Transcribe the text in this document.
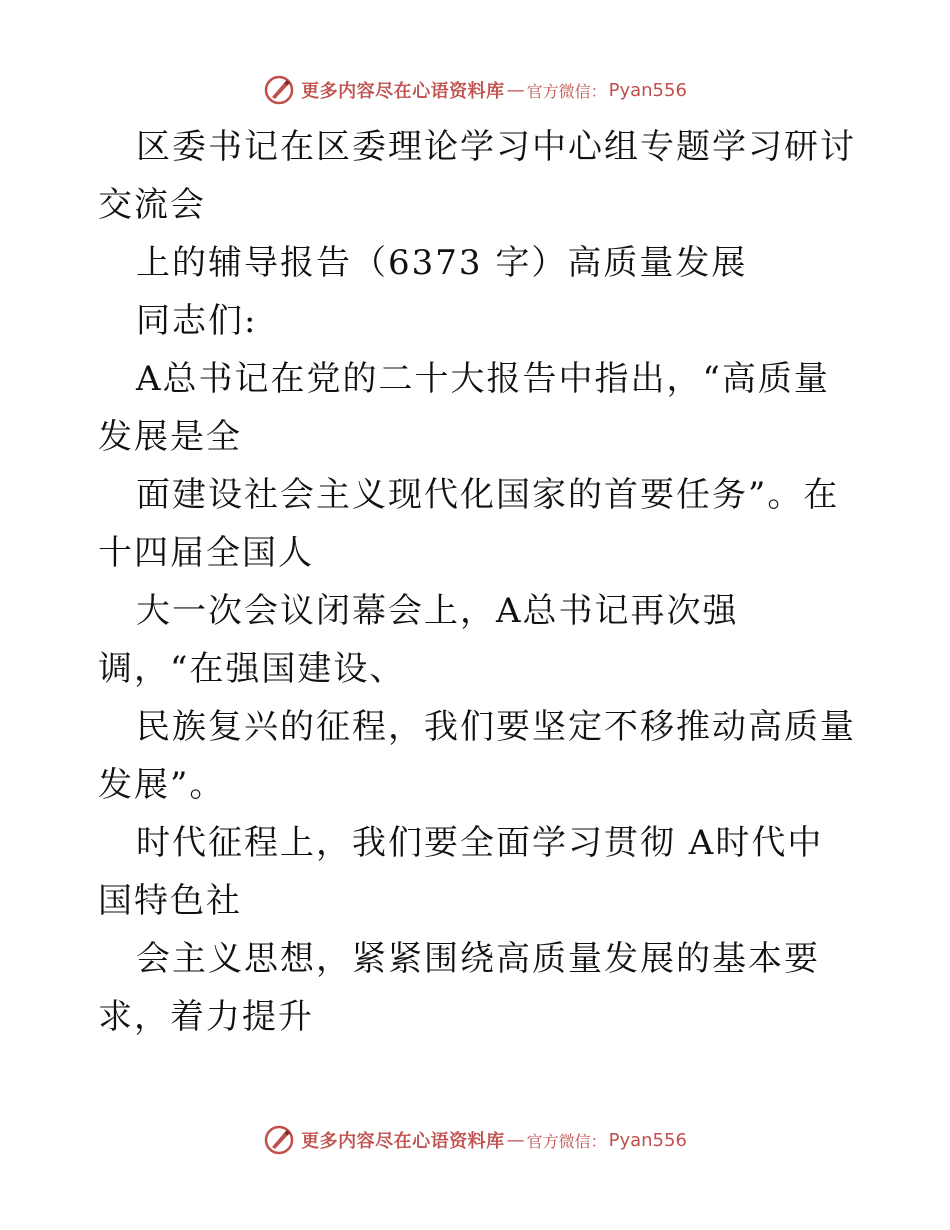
更多内容尽在心语资料库 — 官方微信： Pyan556

区委书记在区委理论学习中心组专题学习研讨交流会

上的辅导报告（6373 字）高质量发展

同志们:

A总书记在党的二十大报告中指出，“高质量发展是全

面建设社会主义现代化国家的首要任务”。在十四届全国人

大一次会议闭幕会上，A总书记再次强调，“在强国建设、

民族复兴的征程，我们要坚定不移推动高质量发展”。

时代征程上，我们要全面学习贯彻 A时代中国特色社

会主义思想，紧紧围绕高质量发展的基本要求，着力提升

更多内容尽在心语资料库 — 官方微信： Pyan556
